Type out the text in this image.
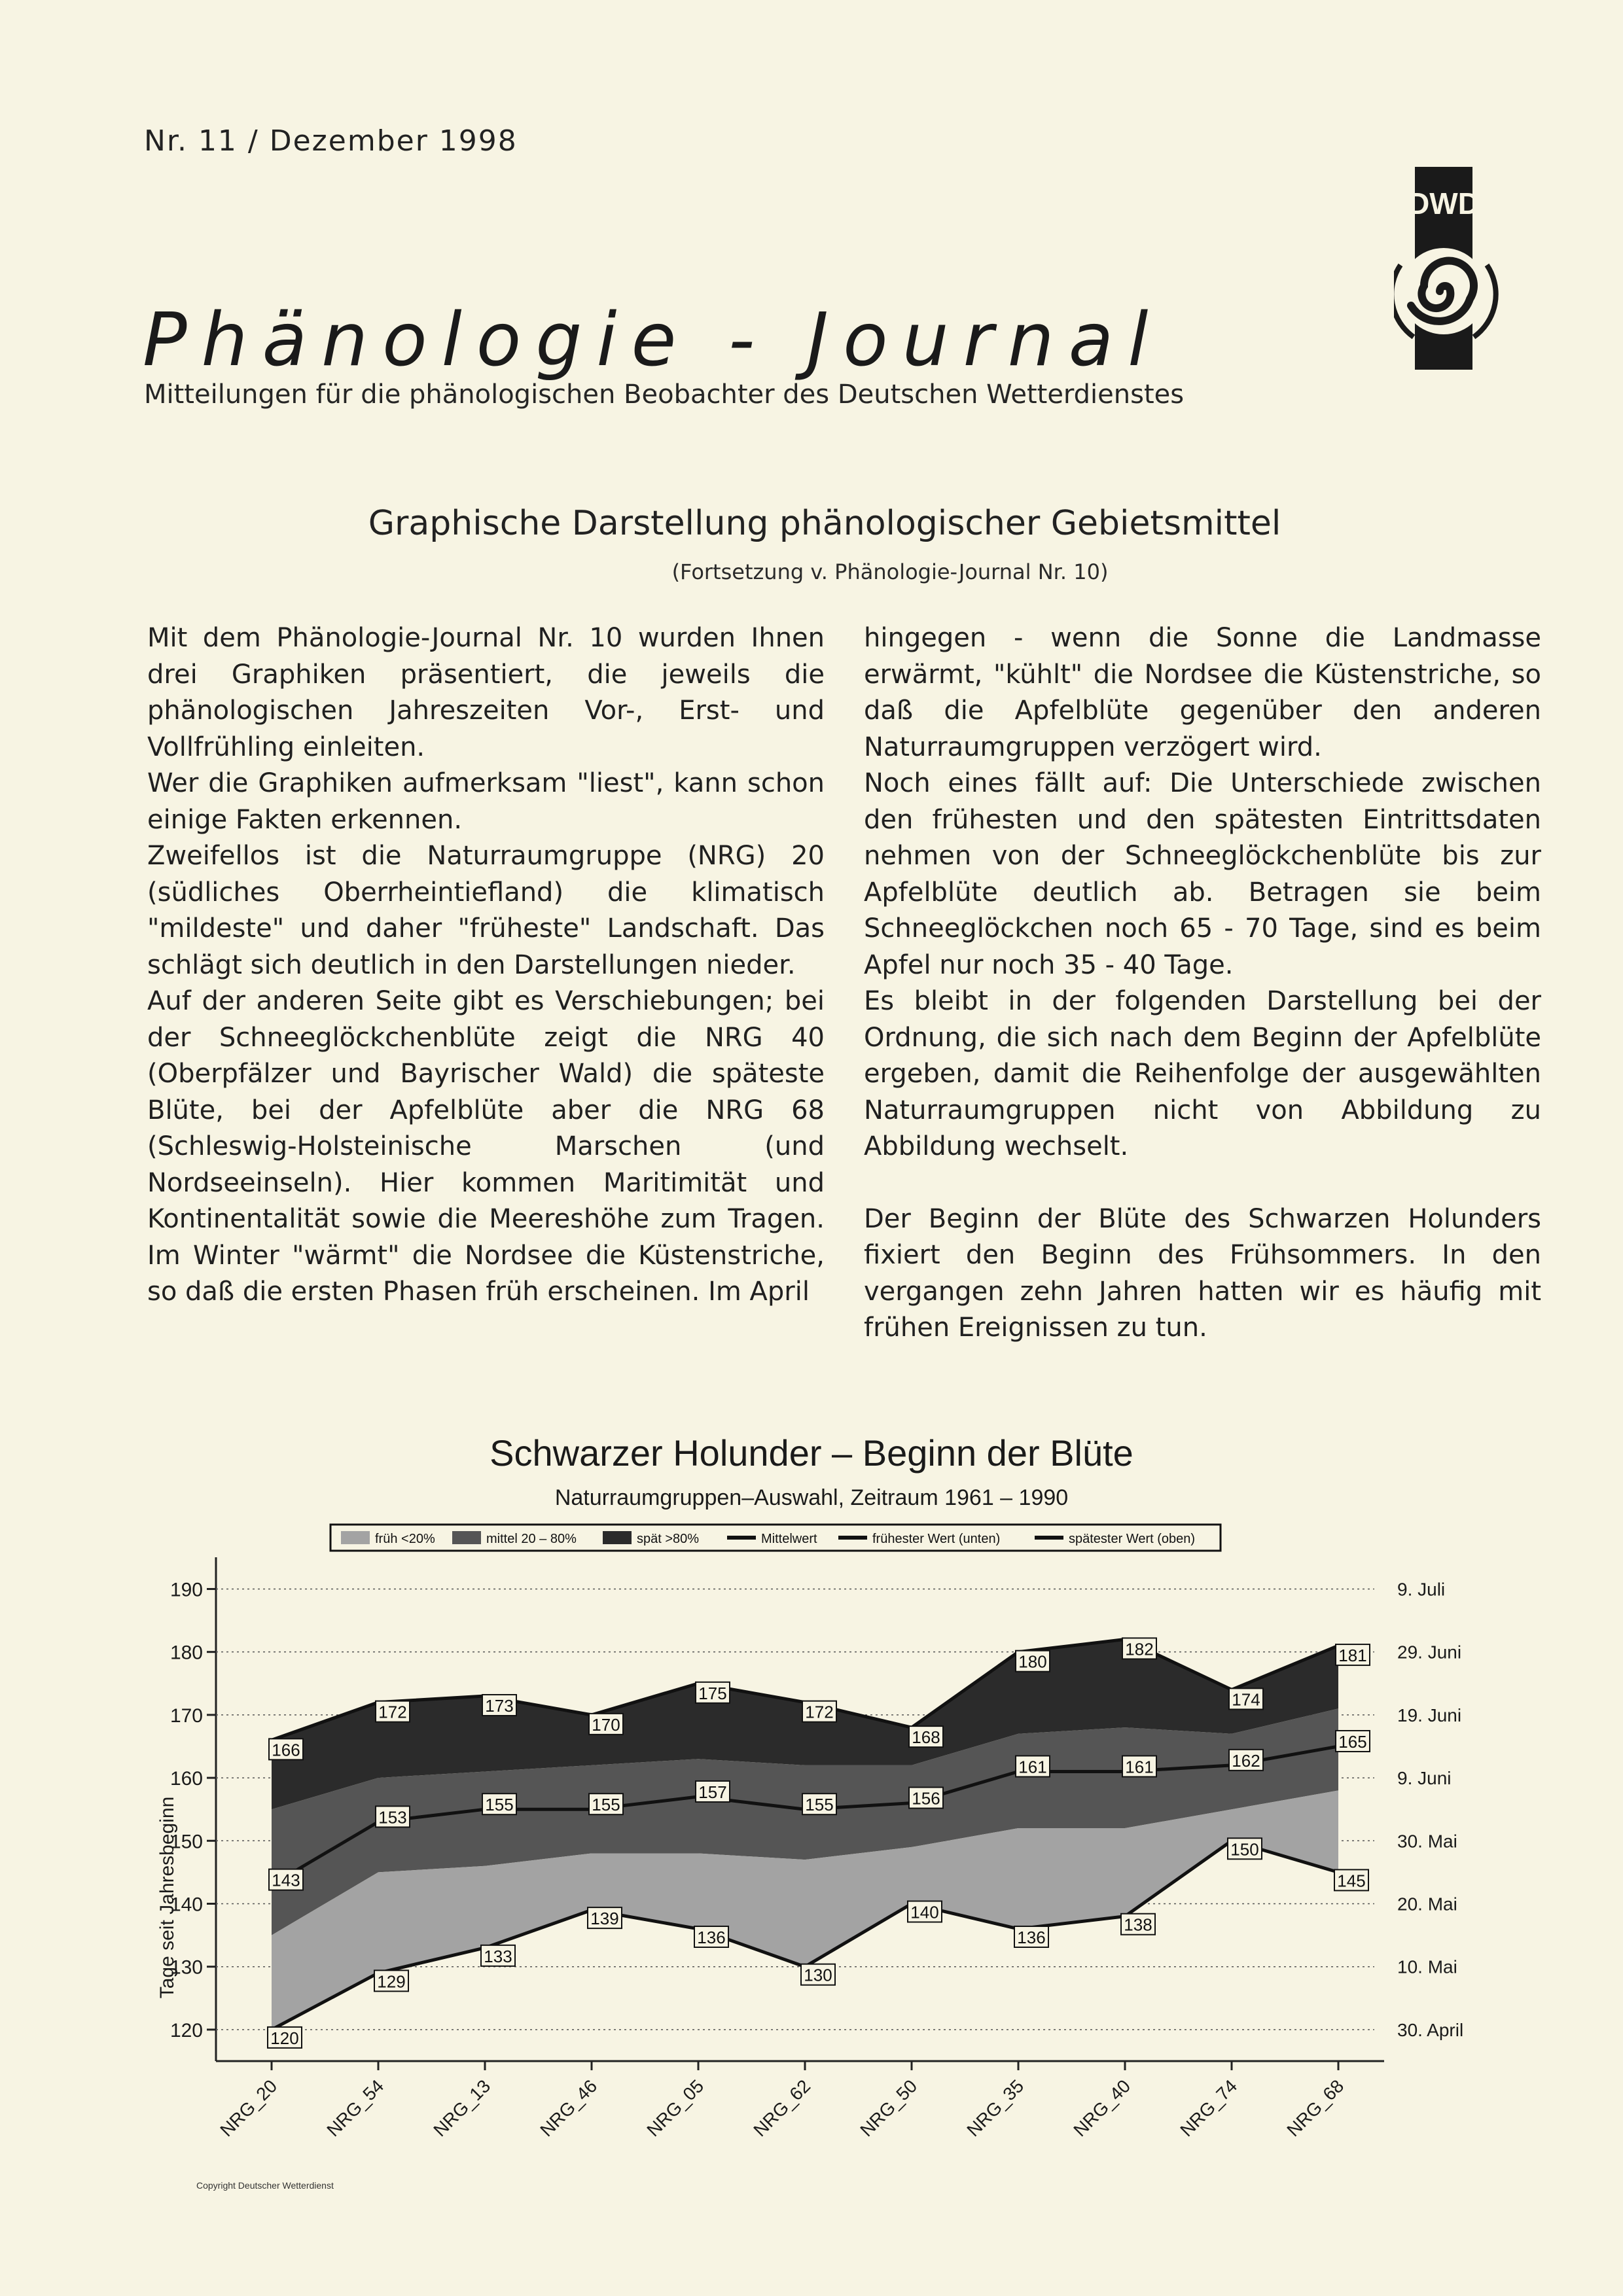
Nr. 11 / Dezember 1998
DWD
Phänologie - Journal
Mitteilungen für die phänologischen Beobachter des Deutschen Wetterdienstes
Graphische Darstellung phänologischer Gebietsmittel
(Fortsetzung v. Phänologie-Journal Nr. 10)

Mit dem Phänologie-Journal Nr. 10 wurden Ihnen drei Graphiken präsentiert, die jeweils die phänologischen Jahreszeiten Vor-, Erst- und Vollfrühling einleiten.

Wer die Graphiken aufmerksam "liest", kann schon einige Fakten erkennen.

Zweifellos ist die Naturraumgruppe (NRG) 20 (südliches Oberrheintiefland) die klimatisch "mildeste" und daher "früheste" Landschaft. Das schlägt sich deutlich in den Darstellungen nieder.

Auf der anderen Seite gibt es Verschiebungen; bei der Schneeglöckchenblüte zeigt die NRG 40 (Oberpfälzer und Bayrischer Wald) die späteste Blüte, bei der Apfelblüte aber die NRG 68 (Schleswig-Holsteinische Marschen (und Nordseeinseln). Hier kommen Maritimität und Kontinentalität sowie die Meereshöhe zum Tragen. Im Winter "wärmt" die Nordsee die Küstenstriche, so daß die ersten Phasen früh erscheinen. Im April

hingegen - wenn die Sonne die Landmasse erwärmt, "kühlt" die Nordsee die Küstenstriche, so daß die Apfelblüte gegenüber den anderen Naturraumgruppen verzögert wird.

Noch eines fällt auf: Die Unterschiede zwischen den frühesten und den spätesten Eintrittsdaten nehmen von der Schneeglöckchenblüte bis zur Apfelblüte deutlich ab. Betragen sie beim Schneeglöckchen noch 65 - 70 Tage, sind es beim Apfel nur noch 35 - 40 Tage.

Es bleibt in der folgenden Darstellung bei der Ordnung, die sich nach dem Beginn der Apfelblüte ergeben, damit die Reihenfolge der ausgewählten Naturraumgruppen nicht von Abbildung zu Abbildung wechselt.

Der Beginn der Blüte des Schwarzen Holunders fixiert den Beginn des Frühsommers. In den vergangen zehn Jahren hatten wir es häufig mit frühen Ereignissen zu tun.

Schwarzer Holunder – Beginn der Blüte
Naturraumgruppen–Auswahl, Zeitraum 1961 – 1990
früh <20%	mittel 20 – 80%	spät >80%	Mittelwert	frühester Wert (unten)	spätester Wert (oben)
120
130
140
150
160
170
180
190
30. April
10. Mai
20. Mai
30. Mai
9. Juni
19. Juni
29. Juni
9. Juli
166
172	173
170
175
172
168
180
182
174
181
143
153
155	155
157
155	156
161	161	162
165
120
129
133
139
136
130
140
136
138
150
145
NRG_20 NRG_54 NRG_13 NRG_46 NRG_05 NRG_62 NRG_50 NRG_35 NRG_40 NRG_74 NRG_68
Tage seit Jahresbeginn
Copyright Deutscher Wetterdienst
